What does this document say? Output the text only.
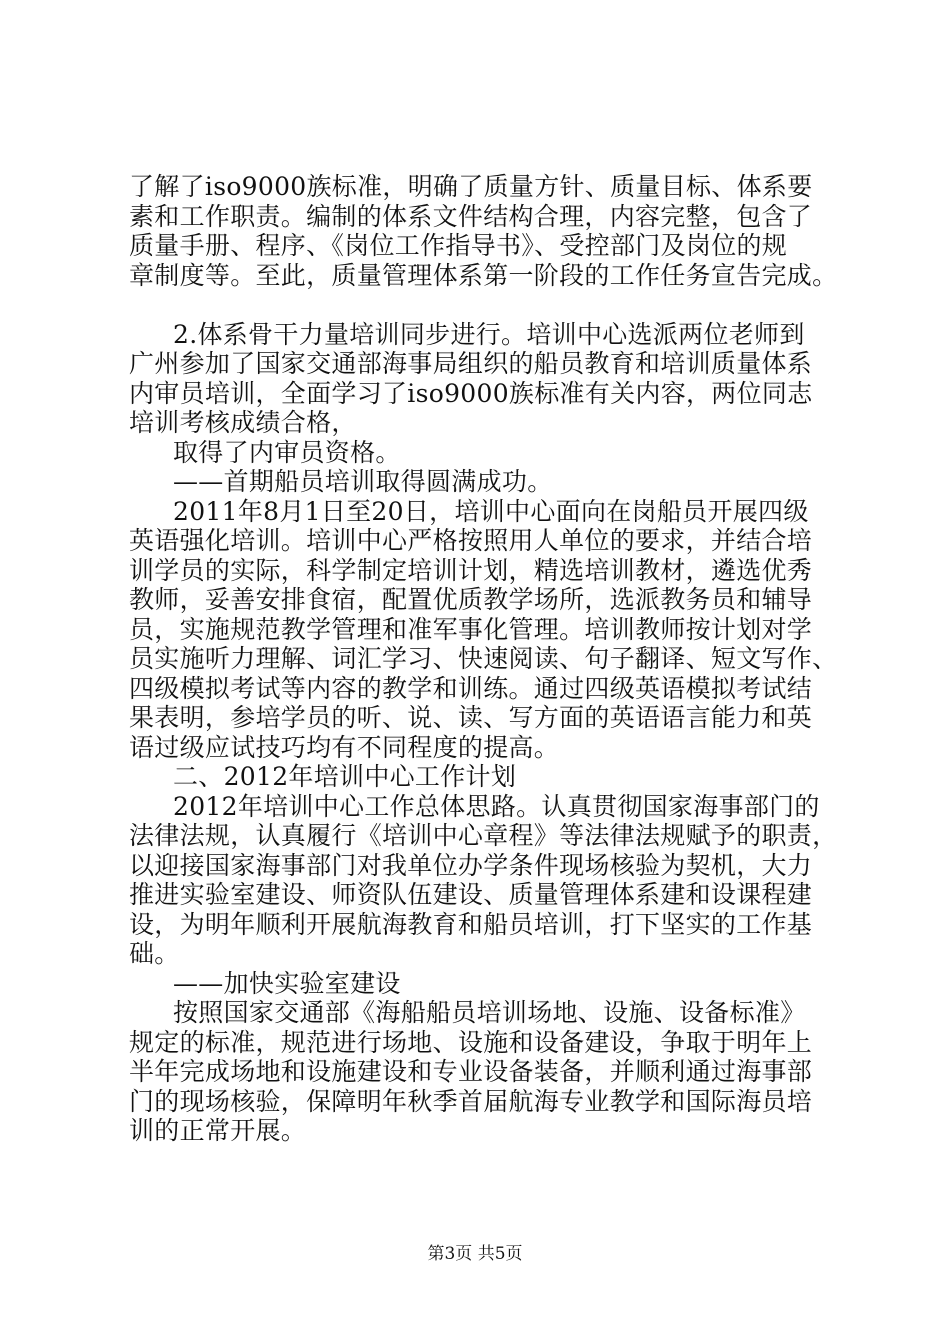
了解了iso9000族标准，明确了质量方针、质量目标、体系要
素和工作职责。编制的体系文件结构合理，内容完整，包含了
质量手册、程序、《岗位工作指导书》、受控部门及岗位的规
章制度等。至此，质量管理体系第一阶段的工作任务宣告完成。
2.体系骨干力量培训同步进行。培训中心选派两位老师到
广州参加了国家交通部海事局组织的船员教育和培训质量体系
内审员培训，全面学习了iso9000族标准有关内容，两位同志
培训考核成绩合格，
取得了内审员资格。
——首期船员培训取得圆满成功。
2011年8月1日至20日，培训中心面向在岗船员开展四级
英语强化培训。培训中心严格按照用人单位的要求，并结合培
训学员的实际，科学制定培训计划，精选培训教材，遴选优秀
教师，妥善安排食宿，配置优质教学场所，选派教务员和辅导
员，实施规范教学管理和准军事化管理。培训教师按计划对学
员实施听力理解、词汇学习、快速阅读、句子翻译、短文写作、
四级模拟考试等内容的教学和训练。通过四级英语模拟考试结
果表明，参培学员的听、说、读、写方面的英语语言能力和英
语过级应试技巧均有不同程度的提高。
二、2012年培训中心工作计划
2012年培训中心工作总体思路。认真贯彻国家海事部门的
法律法规，认真履行《培训中心章程》等法律法规赋予的职责，
以迎接国家海事部门对我单位办学条件现场核验为契机，大力
推进实验室建设、师资队伍建设、质量管理体系建和设课程建
设，为明年顺利开展航海教育和船员培训，打下坚实的工作基
础。
——加快实验室建设
按照国家交通部《海船船员培训场地、设施、设备标准》
规定的标准，规范进行场地、设施和设备建设，争取于明年上
半年完成场地和设施建设和专业设备装备，并顺利通过海事部
门的现场核验，保障明年秋季首届航海专业教学和国际海员培
训的正常开展。
第3页 共5页
